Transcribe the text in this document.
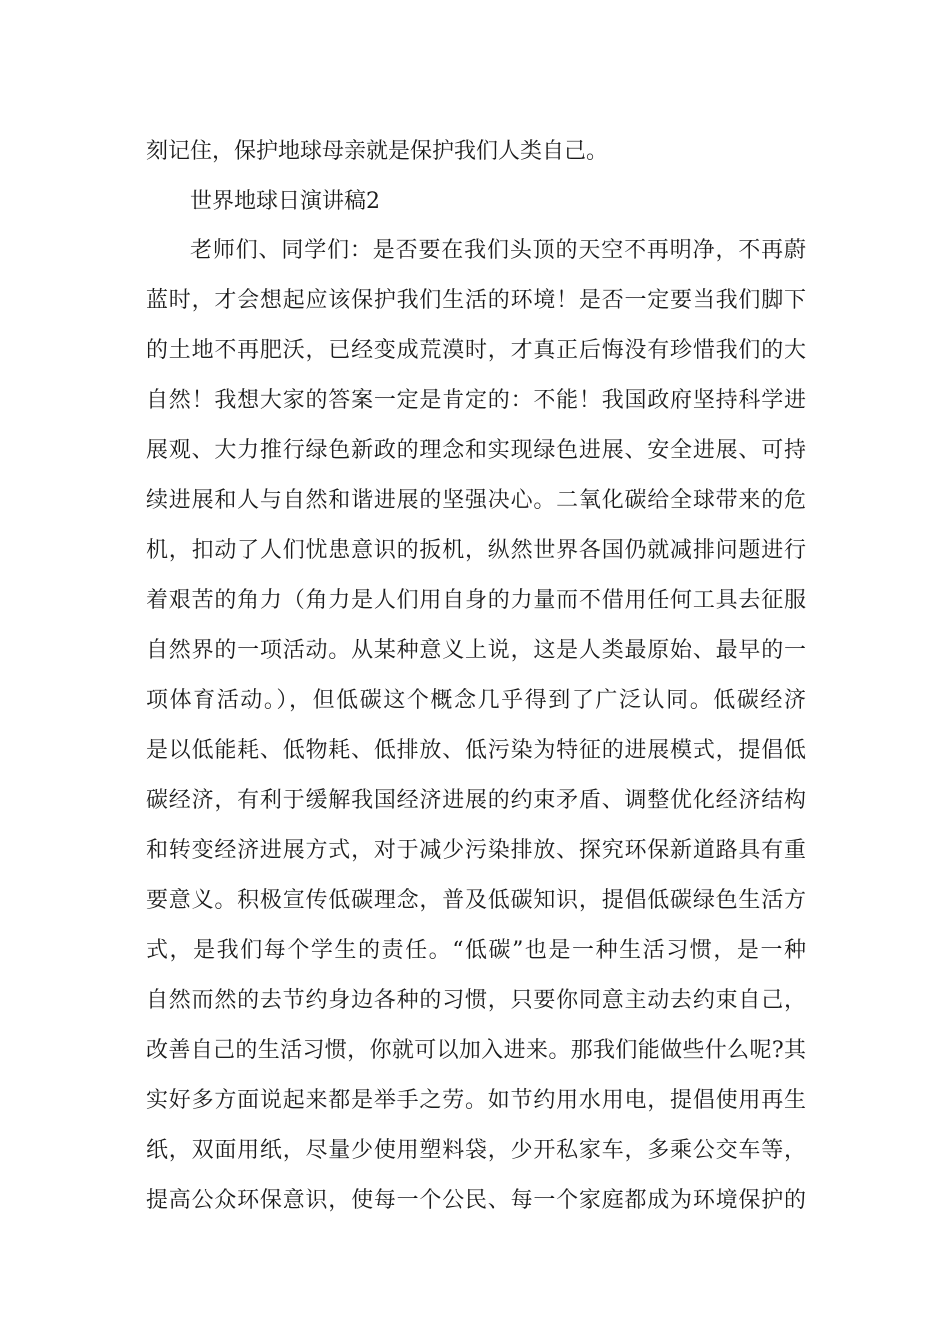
刻记住，保护地球母亲就是保护我们人类自己。
世界地球日演讲稿2
老师们、同学们：是否要在我们头顶的天空不再明净，不再蔚
蓝时，才会想起应该保护我们生活的环境！是否一定要当我们脚下
的土地不再肥沃，已经变成荒漠时，才真正后悔没有珍惜我们的大
自然！我想大家的答案一定是肯定的：不能！我国政府坚持科学进
展观、大力推行绿色新政的理念和实现绿色进展、安全进展、可持
续进展和人与自然和谐进展的坚强决心。二氧化碳给全球带来的危
机，扣动了人们忧患意识的扳机，纵然世界各国仍就减排问题进行
着艰苦的角力（角力是人们用自身的力量而不借用任何工具去征服
自然界的一项活动。从某种意义上说，这是人类最原始、最早的一
项体育活动。），但低碳这个概念几乎得到了广泛认同。低碳经济
是以低能耗、低物耗、低排放、低污染为特征的进展模式，提倡低
碳经济，有利于缓解我国经济进展的约束矛盾、调整优化经济结构
和转变经济进展方式，对于减少污染排放、探究环保新道路具有重
要意义。积极宣传低碳理念，普及低碳知识，提倡低碳绿色生活方
式，是我们每个学生的责任。“低碳”也是一种生活习惯，是一种
自然而然的去节约身边各种的习惯，只要你同意主动去约束自己，
改善自己的生活习惯，你就可以加入进来。那我们能做些什么呢?其
实好多方面说起来都是举手之劳。如节约用水用电，提倡使用再生
纸，双面用纸，尽量少使用塑料袋，少开私家车，多乘公交车等，
提高公众环保意识，使每一个公民、每一个家庭都成为环境保护的
